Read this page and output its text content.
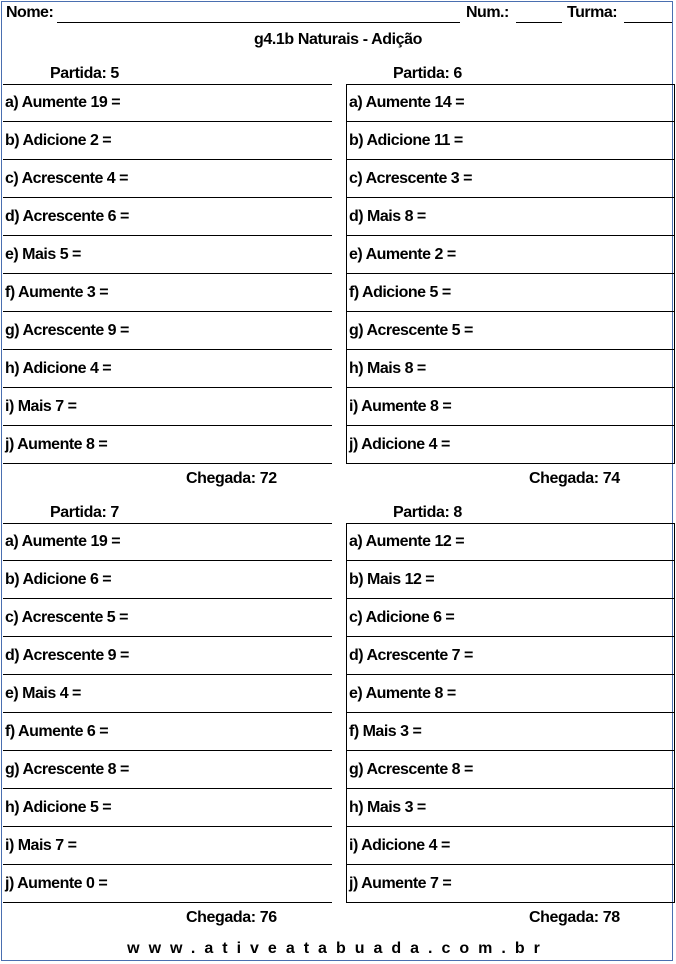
Nome:	Num.:	Turma:
g4.1b Naturais - Adição
Partida: 5
a) Aumente 19 =
b) Adicione 2 =
c) Acrescente 4 =
d) Acrescente 6 =
e) Mais 5 =
f) Aumente 3 =
g) Acrescente 9 =
h) Adicione 4 =
i) Mais 7 =
j) Aumente 8 =
Chegada: 72
Partida: 6
a) Aumente 14 =
b) Adicione 11 =
c) Acrescente 3 =
d) Mais 8 =
e) Aumente 2 =
f) Adicione 5 =
g) Acrescente 5 =
h) Mais 8 =
i) Aumente 8 =
j) Adicione 4 =
Chegada: 74
Partida: 7
a) Aumente 19 =
b) Adicione 6 =
c) Acrescente 5 =
d) Acrescente 9 =
e) Mais 4 =
f) Aumente 6 =
g) Acrescente 8 =
h) Adicione 5 =
i) Mais 7 =
j) Aumente 0 =
Chegada: 76
Partida: 8
a) Aumente 12 =
b) Mais 12 =
c) Adicione 6 =
d) Acrescente 7 =
e) Aumente 8 =
f) Mais 3 =
g) Acrescente 8 =
h) Mais 3 =
i) Adicione 4 =
j) Aumente 7 =
Chegada: 78
www.ativeatabuada.com.br
